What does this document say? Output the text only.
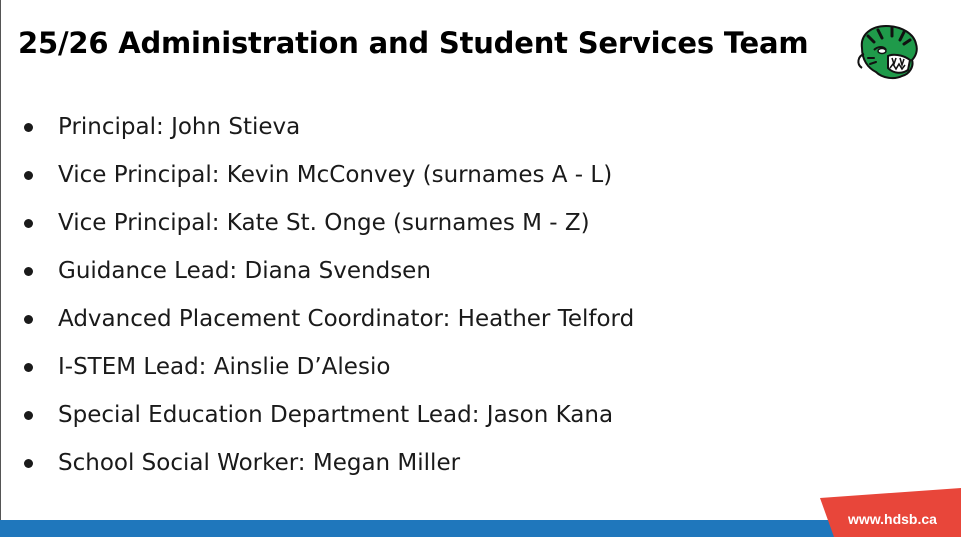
25/26 Administration and Student Services Team
Principal: John Stieva
Vice Principal: Kevin McConvey (surnames A - L)
Vice Principal: Kate St. Onge (surnames M - Z)
Guidance Lead: Diana Svendsen
Advanced Placement Coordinator: Heather Telford
I-STEM Lead: Ainslie D’Alesio
Special Education Department Lead: Jason Kana
School Social Worker: Megan Miller
www.hdsb.ca
